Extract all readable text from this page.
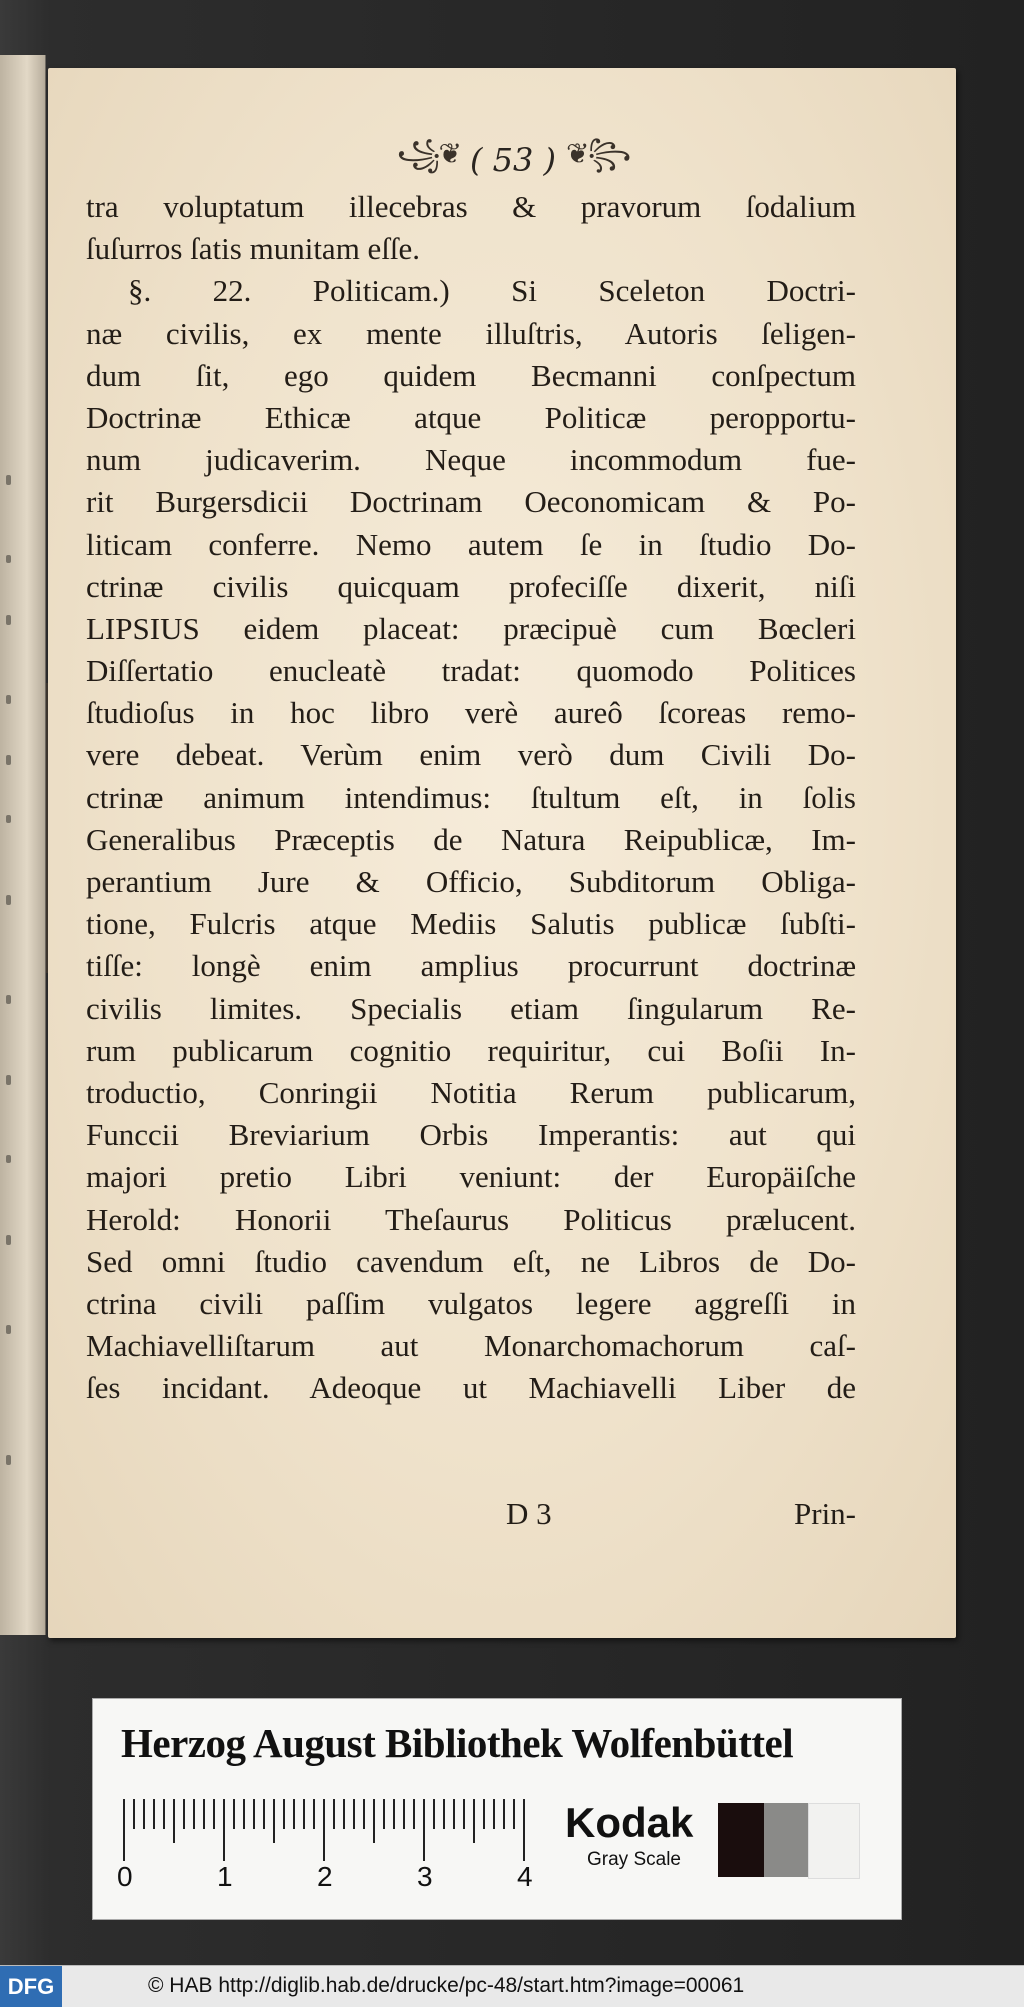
꧁❦ ( 53 ) ❦꧂
tra voluptatum illecebras & pravorum ſodalium
ſuſurros ſatis munitam eſſe.
§. 22. Politicam.) Si Sceleton Doctri-
næ civilis, ex mente illuſtris, Autoris ſeligen-
dum ſit, ego quidem Becmanni conſpectum
Doctrinæ Ethicæ atque Politicæ peropportu-
num judicaverim. Neque incommodum fue-
rit Burgersdicii Doctrinam Oeconomicam & Po-
liticam conferre. Nemo autem ſe in ſtudio Do-
ctrinæ civilis quicquam profeciſſe dixerit, niſi
LIPSIUS eidem placeat: præcipuè cum Bœcleri
Diſſertatio enucleatè tradat: quomodo Politices
ſtudioſus in hoc libro verè aureô ſcoreas remo-
vere debeat. Verùm enim verò dum Civili Do-
ctrinæ animum intendimus: ſtultum eſt, in ſolis
Generalibus Præceptis de Natura Reipublicæ, Im-
perantium Jure & Officio, Subditorum Obliga-
tione, Fulcris atque Mediis Salutis publicæ ſubſti-
tiſſe: longè enim amplius procurrunt doctrinæ
civilis limites. Specialis etiam ſingularum Re-
rum publicarum cognitio requiritur, cui Boſii In-
troductio, Conringii Notitia Rerum publicarum,
Funccii Breviarium Orbis Imperantis: aut qui
majori pretio Libri veniunt: der Europäiſche
Herold: Honorii Theſaurus Politicus prælucent.
Sed omni ſtudio cavendum eſt, ne Libros de Do-
ctrina civili paſſim vulgatos legere aggreſſi in
Machiavelliſtarum aut Monarchomachorum caſ-
ſes incidant. Adeoque ut Machiavelli Liber de
D 3	Prin-
Herzog August Bibliothek Wolfenbüttel
0	1	2	3	4
Kodak
Gray Scale
DFG	© HAB http://diglib.hab.de/drucke/pc-48/start.htm?image=00061
